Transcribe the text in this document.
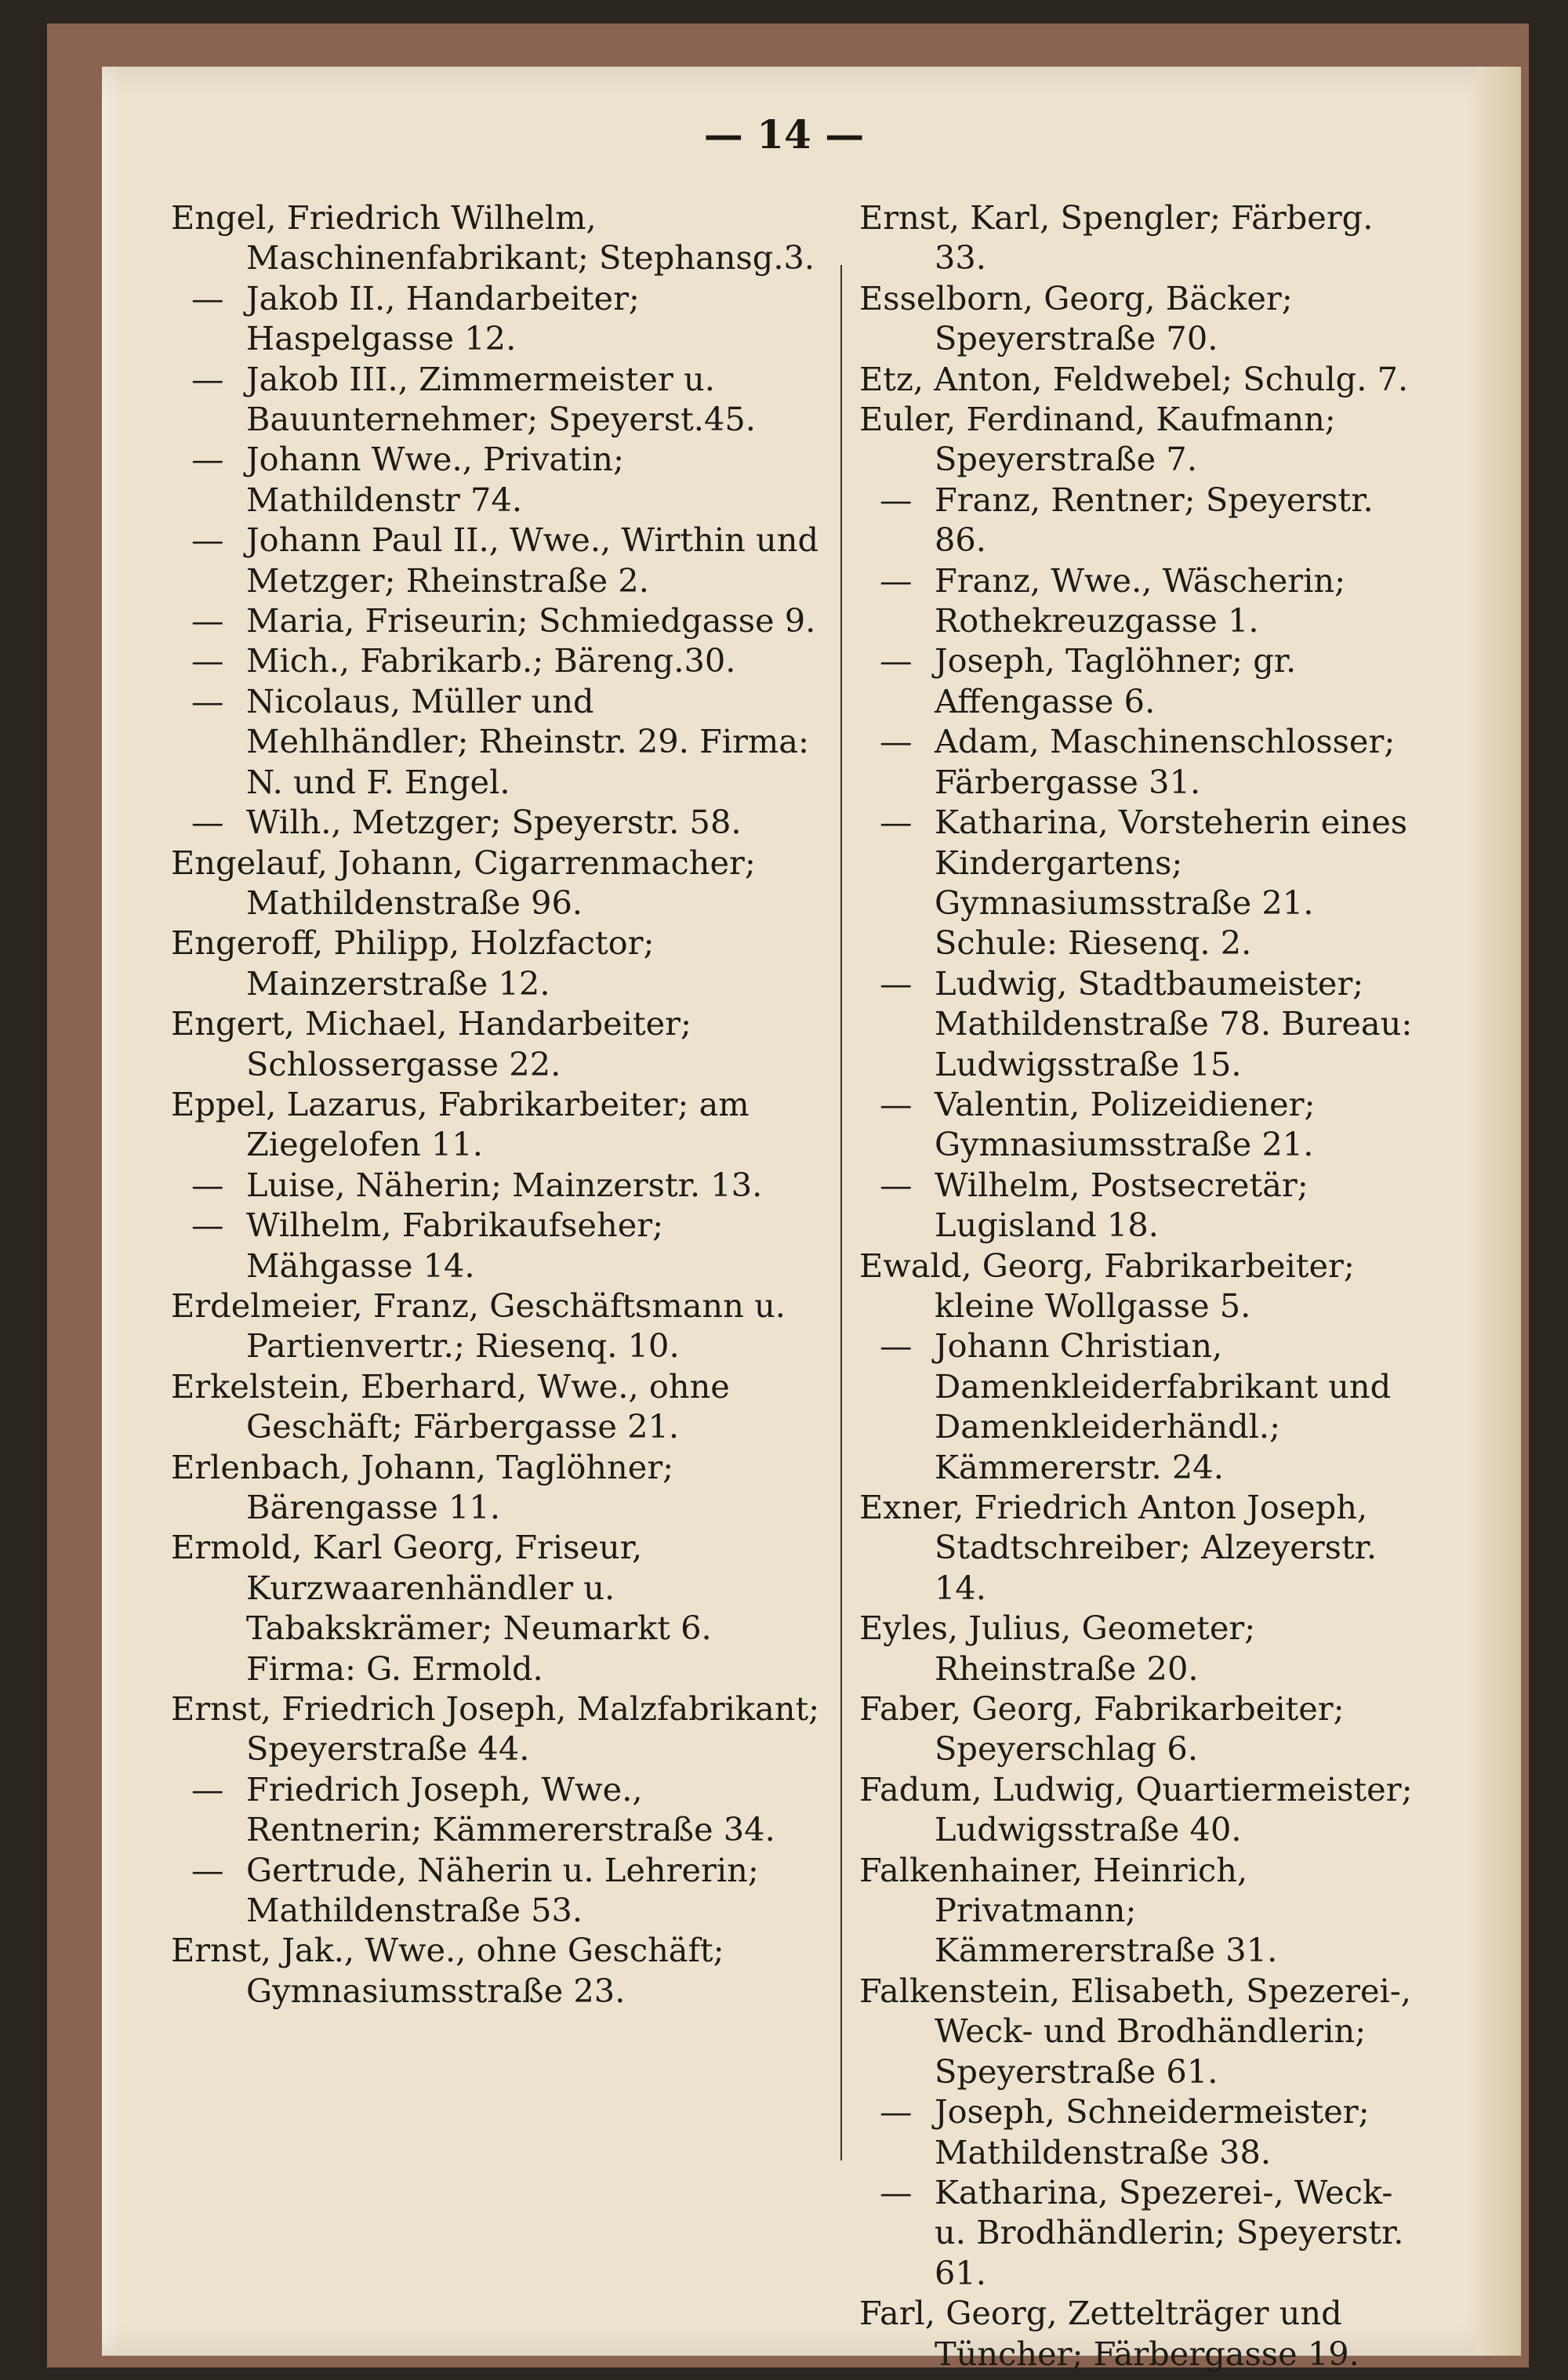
— 14 —

Engel, Friedrich Wilhelm, Maschinenfabrikant; Stephansg.3.

—Jakob II., Handarbeiter; Haspelgasse 12.

—Jakob III., Zimmermeister u. Bauunternehmer; Speyerst.45.

—Johann Wwe., Privatin; Mathildenstr 74.

—Johann Paul II., Wwe., Wirthin und Metzger; Rheinstraße 2.

—Maria, Friseurin; Schmiedgasse 9.

—Mich., Fabrikarb.; Bäreng.30.

—Nicolaus, Müller und Mehlhändler; Rheinstr. 29. Firma: N. und F. Engel.

—Wilh., Metzger; Speyerstr. 58.

Engelauf, Johann, Cigarrenmacher; Mathildenstraße 96.

Engeroff, Philipp, Holzfactor; Mainzerstraße 12.

Engert, Michael, Handarbeiter; Schlossergasse 22.

Eppel, Lazarus, Fabrikarbeiter; am Ziegelofen 11.

—Luise, Näherin; Mainzerstr. 13.

—Wilhelm, Fabrikaufseher; Mähgasse 14.

Erdelmeier, Franz, Geschäftsmann u. Partienvertr.; Riesenq. 10.

Erkelstein, Eberhard, Wwe., ohne Geschäft; Färbergasse 21.

Erlenbach, Johann, Taglöhner; Bärengasse 11.

Ermold, Karl Georg, Friseur, Kurzwaarenhändler u. Tabakskrämer; Neumarkt 6. Firma: G. Ermold.

Ernst, Friedrich Joseph, Malzfabrikant; Speyerstraße 44.

—Friedrich Joseph, Wwe., Rentnerin; Kämmererstraße 34.

—Gertrude, Näherin u. Lehrerin; Mathildenstraße 53.

Ernst, Jak., Wwe., ohne Geschäft; Gymnasiumsstraße 23.

Ernst, Karl, Spengler; Färberg. 33.

Esselborn, Georg, Bäcker; Speyerstraße 70.

Etz, Anton, Feldwebel; Schulg. 7.

Euler, Ferdinand, Kaufmann; Speyerstraße 7.

—Franz, Rentner; Speyerstr. 86.

—Franz, Wwe., Wäscherin; Rothekreuzgasse 1.

—Joseph, Taglöhner; gr. Affengasse 6.

—Adam, Maschinenschlosser; Färbergasse 31.

—Katharina, Vorsteherin eines Kindergartens; Gymnasiumsstraße 21. Schule: Riesenq. 2.

—Ludwig, Stadtbaumeister; Mathildenstraße 78. Bureau: Ludwigsstraße 15.

—Valentin, Polizeidiener; Gymnasiumsstraße 21.

—Wilhelm, Postsecretär; Lugisland 18.

Ewald, Georg, Fabrikarbeiter; kleine Wollgasse 5.

—Johann Christian, Damenkleiderfabrikant und Damenkleiderhändl.; Kämmererstr. 24.

Exner, Friedrich Anton Joseph, Stadtschreiber; Alzeyerstr. 14.

Eyles, Julius, Geometer; Rheinstraße 20.

Faber, Georg, Fabrikarbeiter; Speyerschlag 6.

Fadum, Ludwig, Quartiermeister; Ludwigsstraße 40.

Falkenhainer, Heinrich, Privatmann; Kämmererstraße 31.

Falkenstein, Elisabeth, Spezerei-, Weck- und Brodhändlerin; Speyerstraße 61.

—Joseph, Schneidermeister; Mathildenstraße 38.

—Katharina, Spezerei-, Weck- u. Brodhändlerin; Speyerstr. 61.

Farl, Georg, Zettelträger und Tüncher; Färbergasse 19.
